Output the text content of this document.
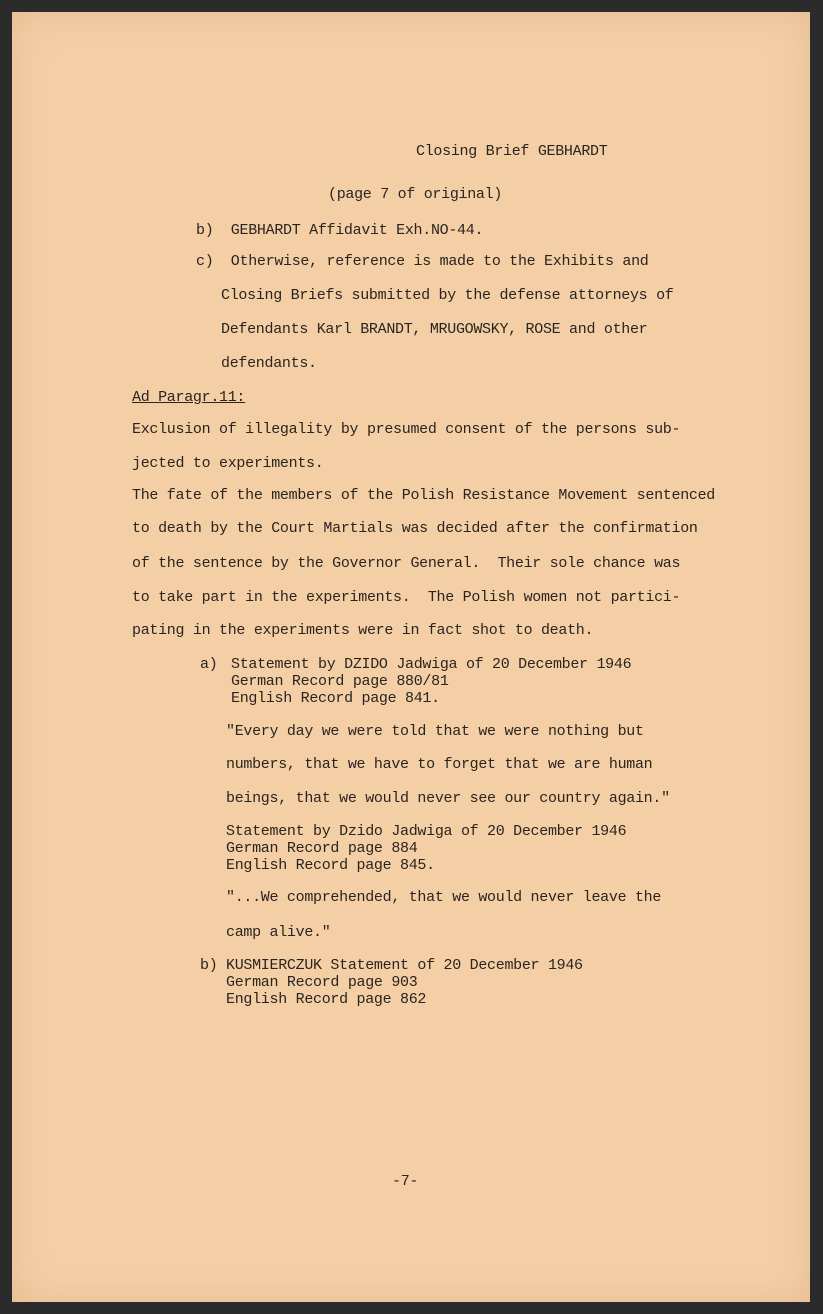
Closing Brief GEBHARDT
(page 7 of original)
b)  GEBHARDT Affidavit Exh.NO-44.
c)  Otherwise, reference is made to the Exhibits and
Closing Briefs submitted by the defense attorneys of
Defendants Karl BRANDT, MRUGOWSKY, ROSE and other
defendants.
Ad Paragr.11:
Exclusion of illegality by presumed consent of the persons sub-
jected to experiments.
The fate of the members of the Polish Resistance Movement sentenced
to death by the Court Martials was decided after the confirmation
of the sentence by the Governor General.  Their sole chance was
to take part in the experiments.  The Polish women not partici-
pating in the experiments were in fact shot to death.
a) Statement by DZIDO Jadwiga of 20 December 1946
German Record page 880/81
English Record page 841.
"Every day we were told that we were nothing but
numbers, that we have to forget that we are human
beings, that we would never see our country again."
Statement by Dzido Jadwiga of 20 December 1946
German Record page 884
English Record page 845.
"...We comprehended, that we would never leave the
camp alive."
b) KUSMIERCZUK Statement of 20 December 1946
German Record page 903
English Record page 862
-7-
